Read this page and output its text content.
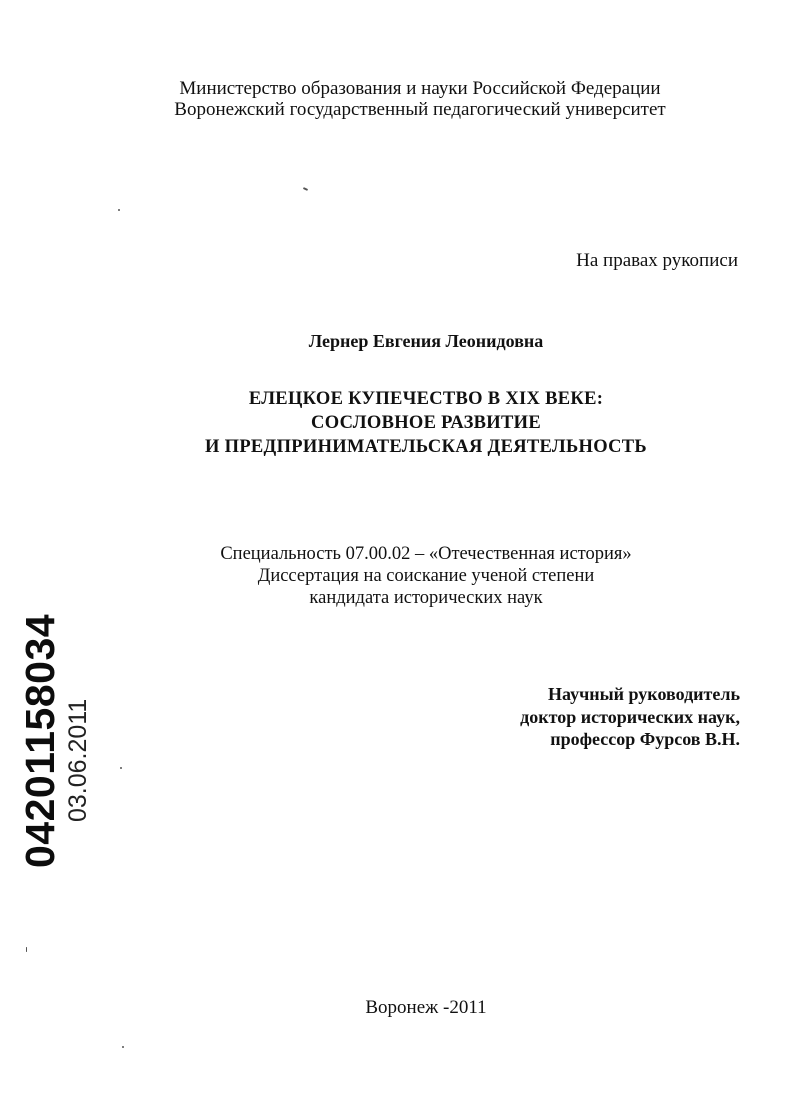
Министерство образования и науки Российской Федерации
Воронежский государственный педагогический университет
На правах рукописи
Лернер Евгения Леонидовна
ЕЛЕЦКОЕ КУПЕЧЕСТВО В XIX ВЕКЕ:
СОСЛОВНОЕ РАЗВИТИЕ
И ПРЕДПРИНИМАТЕЛЬСКАЯ ДЕЯТЕЛЬНОСТЬ
Специальность 07.00.02 – «Отечественная история»
Диссертация на соискание ученой степени
кандидата исторических наук
Научный руководитель
доктор исторических наук,
профессор Фурсов В.Н.
Воронеж -2011
04201158034 03.06.2011
